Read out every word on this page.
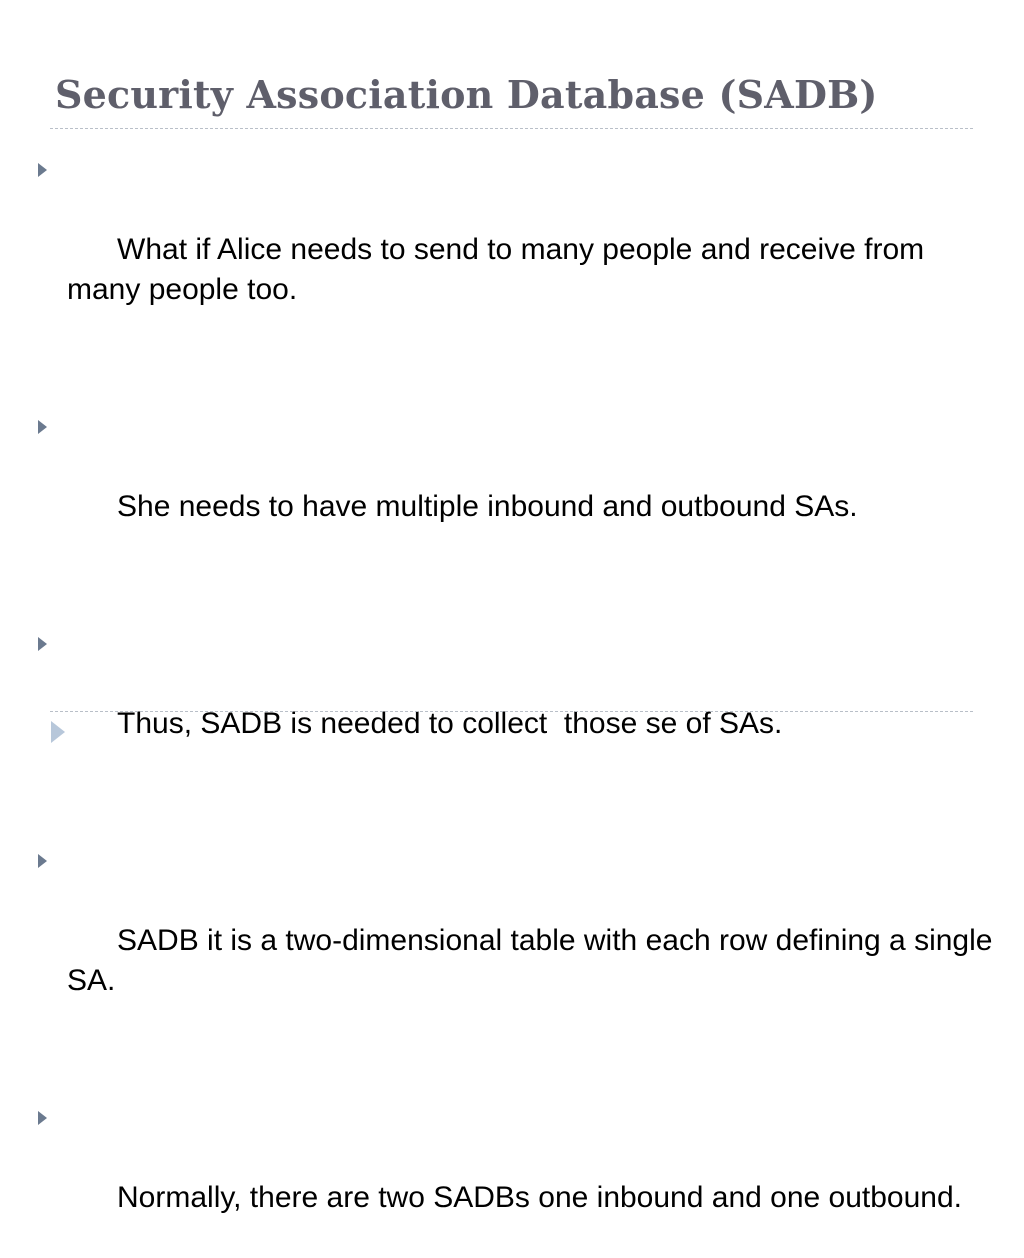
Security Association Database (SADB)

What if Alice needs to send to many people and receive from many people too.

She needs to have multiple inbound and outbound SAs.

Thus, SADB is needed to collect  those se of SAs.

SADB it is a two-dimensional table with each row defining a single SA.

Normally, there are two SADBs one inbound and one outbound.
